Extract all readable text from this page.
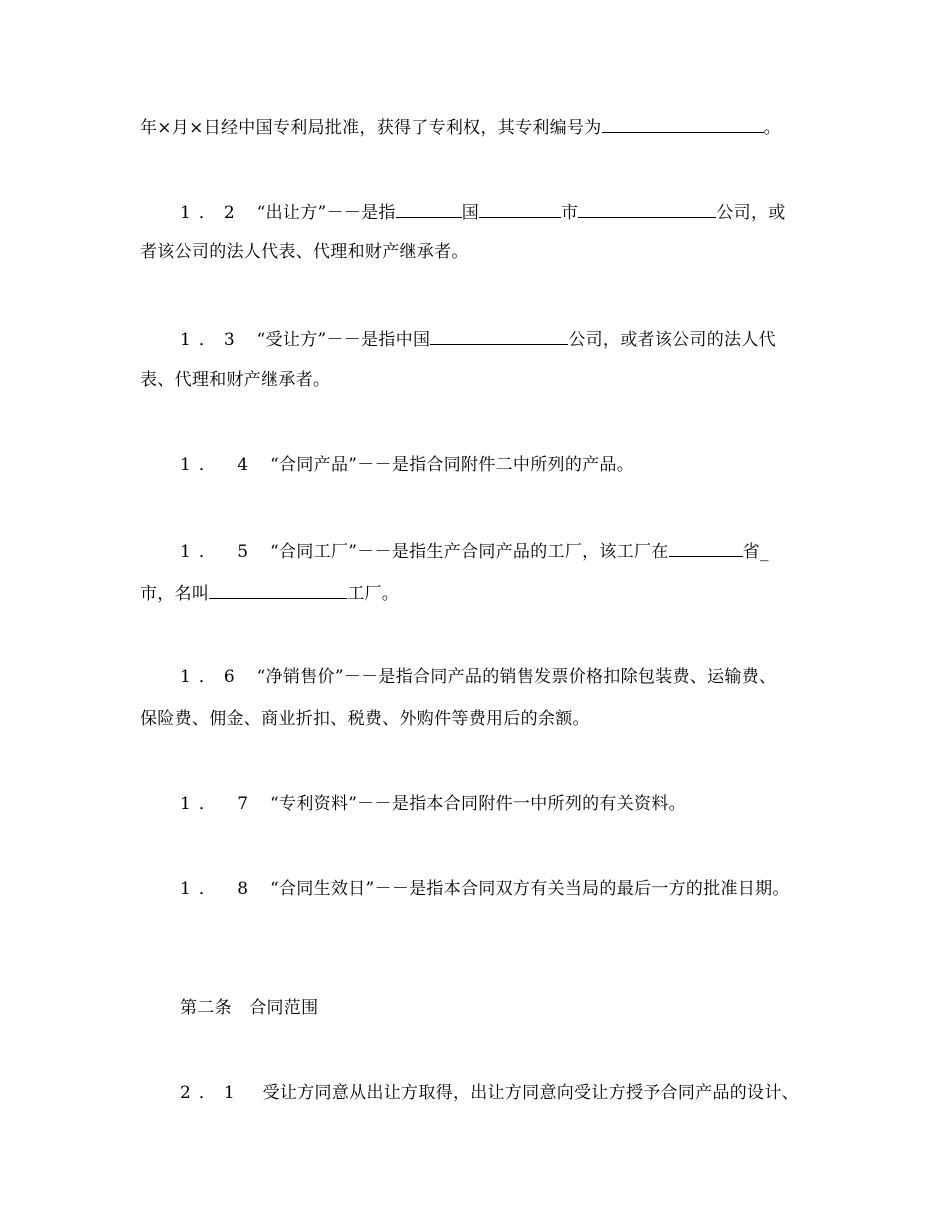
年×月×日经中国专利局批准，获得了专利权，其专利编号为	。
1．2 “出让方”－－是指	国	市	公司，或
者该公司的法人代表、代理和财产继承者。
1．3 “受让方”－－是指中国	公司，或者该公司的法人代
表、代理和财产继承者。
1． 4 “合同产品”－－是指合同附件二中所列的产品。
1． 5 “合同工厂”－－是指生产合同产品的工厂，该工厂在	省_
市，名叫	工厂。
1．6 “净销售价”－－是指合同产品的销售发票价格扣除包装费、运输费、
保险费、佣金、商业折扣、税费、外购件等费用后的余额。
1． 7 “专利资料”－－是指本合同附件一中所列的有关资料。
1． 8 “合同生效日”－－是指本合同双方有关当局的最后一方的批准日期。
第二条　合同范围
2．1 受让方同意从出让方取得，出让方同意向受让方授予合同产品的设计、
